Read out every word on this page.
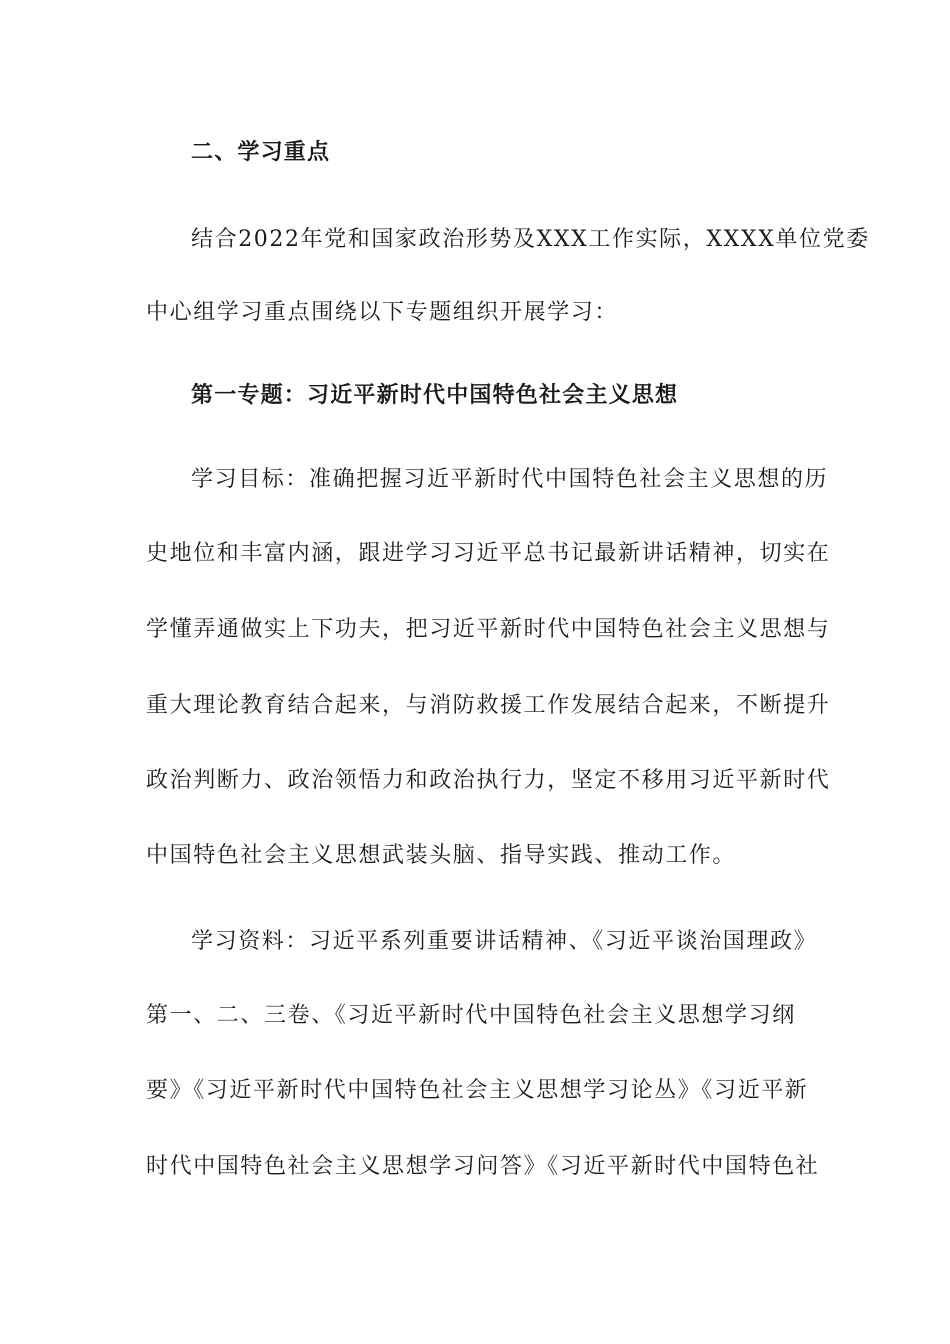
二、学习重点
结合2022年党和国家政治形势及XXX工作实际，XXXX单位党委
中心组学习重点围绕以下专题组织开展学习：
第一专题：习近平新时代中国特色社会主义思想
学习目标：准确把握习近平新时代中国特色社会主义思想的历
史地位和丰富内涵，跟进学习习近平总书记最新讲话精神，切实在
学懂弄通做实上下功夫，把习近平新时代中国特色社会主义思想与
重大理论教育结合起来，与消防救援工作发展结合起来，不断提升
政治判断力、政治领悟力和政治执行力，坚定不移用习近平新时代
中国特色社会主义思想武装头脑、指导实践、推动工作。
学习资料：习近平系列重要讲话精神、《习近平谈治国理政》
第一、二、三卷、《习近平新时代中国特色社会主义思想学习纲
要》《习近平新时代中国特色社会主义思想学习论丛》《习近平新
时代中国特色社会主义思想学习问答》《习近平新时代中国特色社
